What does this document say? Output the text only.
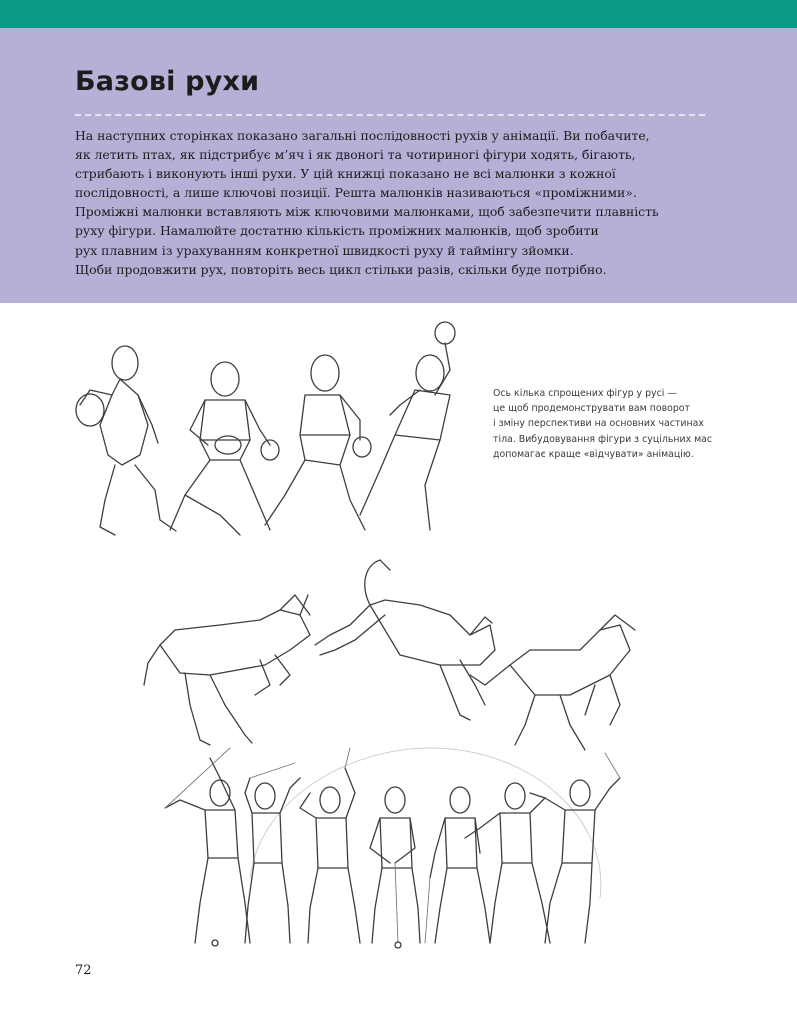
Базові рухи

На наступних сторінках показано загальні послідовності рухів у анімації. Ви побачите,
як летить птах, як підстрибує м’яч і як двоногі та чотириногі фігури ходять, бігають,
стрибають і виконують інші рухи. У цій книжці показано не всі малюнки з кожної
послідовності, а лише ключові позиції. Решта малюнків називаються «проміжними».
Проміжні малюнки вставляють між ключовими малюнками, щоб забезпечити плавність
руху фігури. Намалюйте достатню кількість проміжних малюнків, щоб зробити
рух плавним із урахуванням конкретної швидкості руху й таймінгу зйомки.
Щоби продовжити рух, повторіть весь цикл стільки разів, скільки буде потрібно.

Ось кілька спрощених фігур у русі —
це щоб продемонструвати вам поворот
і зміну перспективи на основних частинах
тіла. Вибудовування фігури з суцільних мас
допомагає краще «відчувати» анімацію.

72
